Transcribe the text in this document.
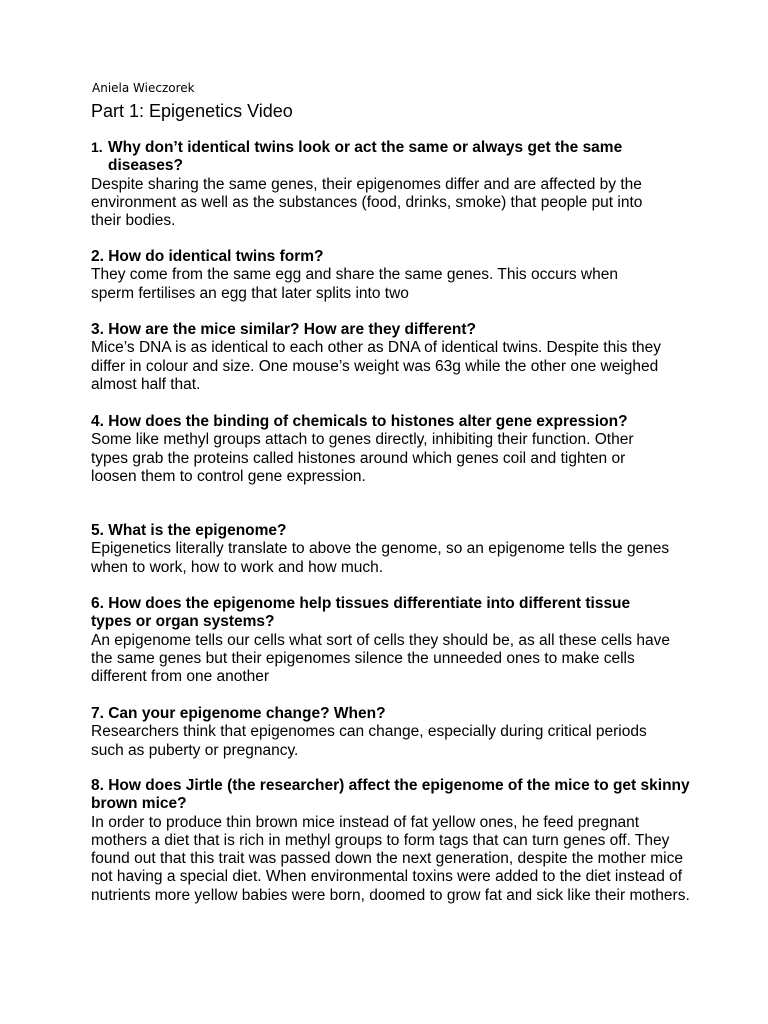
Aniela Wieczorek
Part 1: Epigenetics Video

1. Why don’t identical twins look or act the same or always get the same diseases?

Despite sharing the same genes, their epigenomes differ and are affected by the environment as well as the substances (food, drinks, smoke) that people put into their bodies.

2. How do identical twins form?

They come from the same egg and share the same genes. This occurs when sperm fertilises an egg that later splits into two

3. How are the mice similar? How are they different?

Mice’s DNA is as identical to each other as DNA of identical twins. Despite this they differ in colour and size. One mouse’s weight was 63g while the other one weighed almost half that.

4. How does the binding of chemicals to histones alter gene expression?

Some like methyl groups attach to genes directly, inhibiting their function. Other types grab the proteins called histones around which genes coil and tighten or loosen them to control gene expression.

5. What is the epigenome?

Epigenetics literally translate to above the genome, so an epigenome tells the genes when to work, how to work and how much.

6. How does the epigenome help tissues differentiate into different tissue types or organ systems?

An epigenome tells our cells what sort of cells they should be, as all these cells have the same genes but their epigenomes silence the unneeded ones to make cells different from one another

7. Can your epigenome change? When?

Researchers think that epigenomes can change, especially during critical periods such as puberty or pregnancy.

8. How does Jirtle (the researcher) affect the epigenome of the mice to get skinny brown mice?

In order to produce thin brown mice instead of fat yellow ones, he feed pregnant mothers a diet that is rich in methyl groups to form tags that can turn genes off. They found out that this trait was passed down the next generation, despite the mother mice not having a special diet. When environmental toxins were added to the diet instead of nutrients more yellow babies were born, doomed to grow fat and sick like their mothers.
